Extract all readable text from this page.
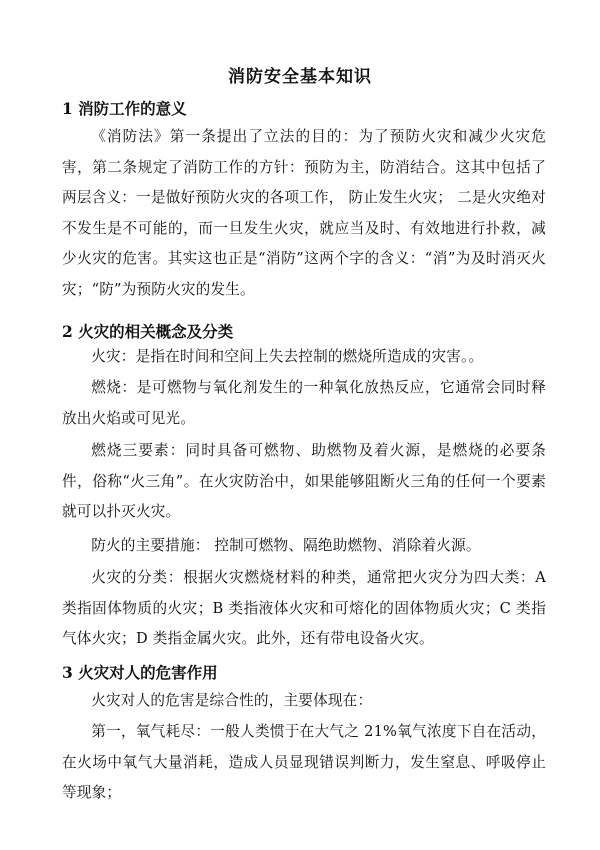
消防安全基本知识
1 消防工作的意义
《消防法》第一条提出了立法的目的：为了预防火灾和减少火灾危害，第二条规定了消防工作的方针：预防为主，防消结合。这其中包括了两层含义：一是做好预防火灾的各项工作， 防止发生火灾； 二是火灾绝对不发生是不可能的，而一旦发生火灾，就应当及时、有效地进行扑救，减少火灾的危害。其实这也正是“消防”这两个字的含义：“消”为及时消灭火灾；“防”为预防火灾的发生。
2 火灾的相关概念及分类
火灾：是指在时间和空间上失去控制的燃烧所造成的灾害。。
燃烧：是可燃物与氧化剂发生的一种氧化放热反应，它通常会同时释放出火焰或可见光。
燃烧三要素：同时具备可燃物、助燃物及着火源，是燃烧的必要条件，俗称“火三角”。在火灾防治中，如果能够阻断火三角的任何一个要素就可以扑灭火灾。
防火的主要措施： 控制可燃物、隔绝助燃物、消除着火源。
火灾的分类：根据火灾燃烧材料的种类，通常把火灾分为四大类：A 类指固体物质的火灾；B 类指液体火灾和可熔化的固体物质火灾；C 类指气体火灾；D 类指金属火灾。此外，还有带电设备火灾。
3 火灾对人的危害作用
火灾对人的危害是综合性的，主要体现在：
第一，氧气耗尽：一般人类惯于在大气之 21%氧气浓度下自在活动，在火场中氧气大量消耗，造成人员显现错误判断力，发生窒息、呼吸停止等现象；
